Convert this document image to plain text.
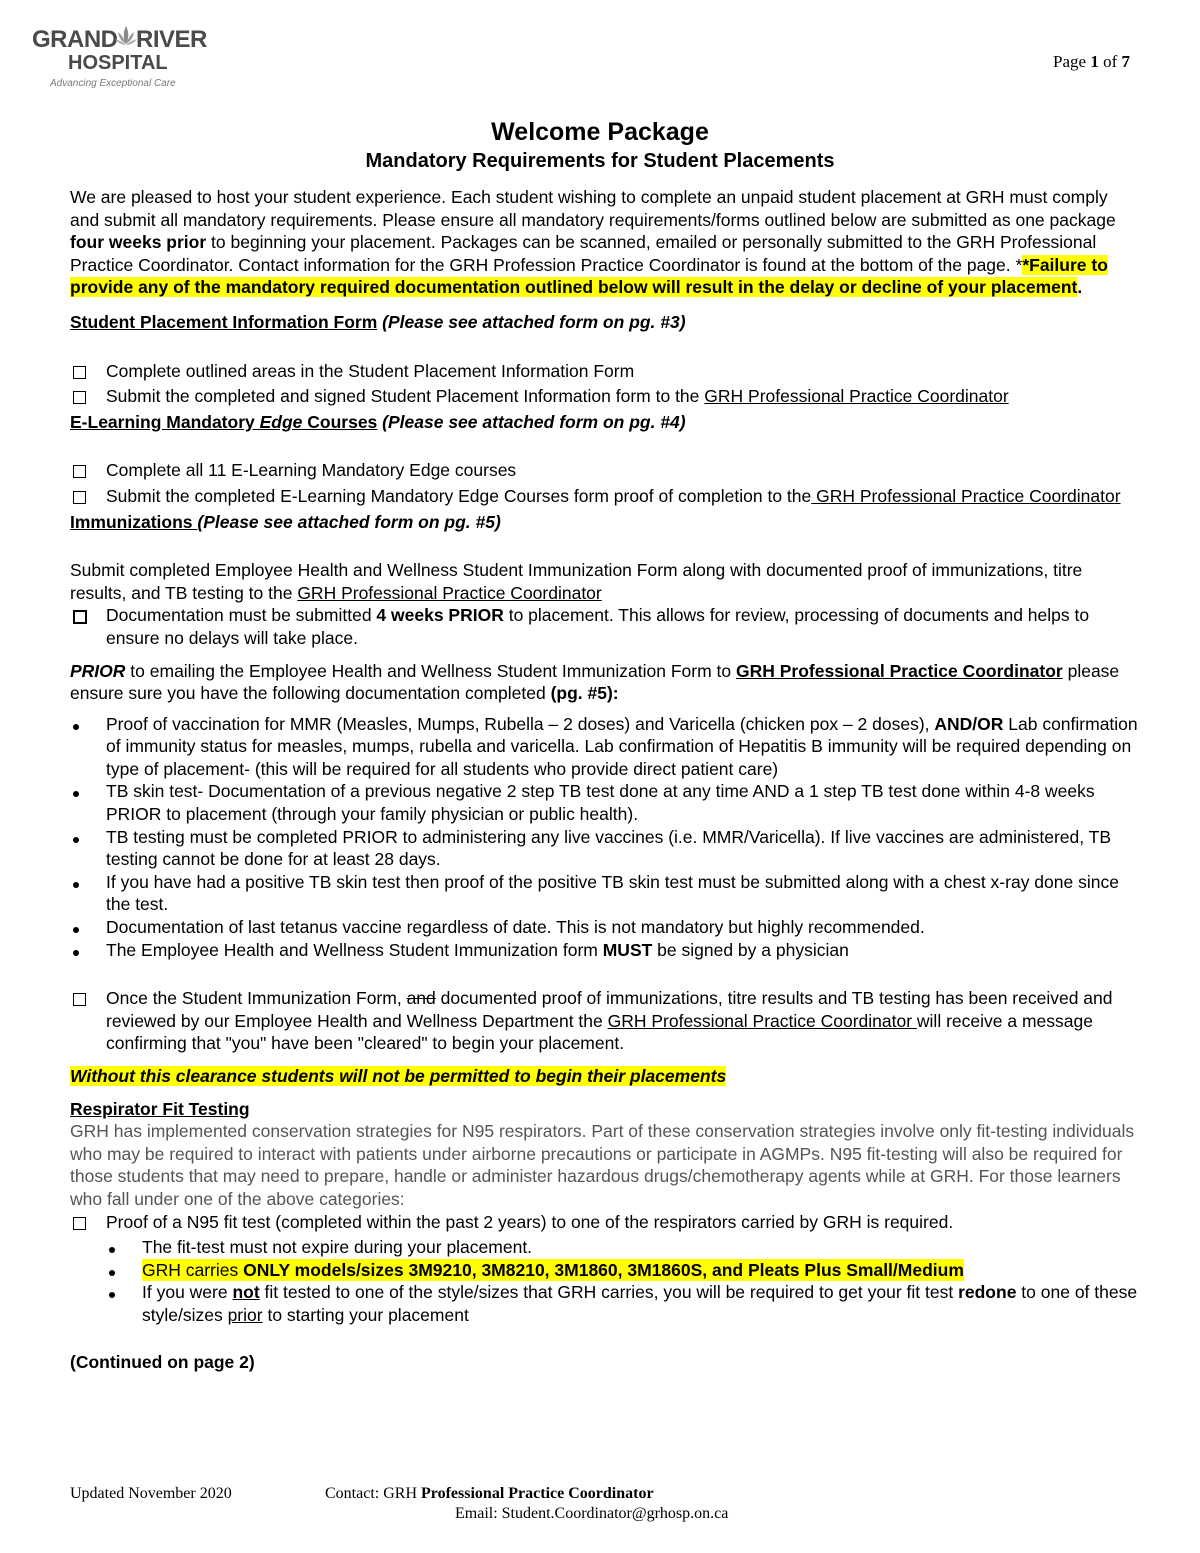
GRAND RIVER
HOSPITAL
Advancing Exceptional Care
Page 1 of 7
Welcome Package
Mandatory Requirements for Student Placements

We are pleased to host your student experience. Each student wishing to complete an unpaid student placement at GRH must comply and submit all mandatory requirements. Please ensure all mandatory requirements/forms outlined below are submitted as one package four weeks prior to beginning your placement. Packages can be scanned, emailed or personally submitted to the GRH Professional Practice Coordinator. Contact information for the GRH Profession Practice Coordinator is found at the bottom of the page. **Failure to provide any of the mandatory required documentation outlined below will result in the delay or decline of your placement.

Student Placement Information Form (Please see attached form on pg. #3)

Complete outlined areas in the Student Placement Information Form
Submit the completed and signed Student Placement Information form to the GRH Professional Practice Coordinator

E-Learning Mandatory Edge Courses (Please see attached form on pg. #4)

Complete all 11 E-Learning Mandatory Edge courses
Submit the completed E-Learning Mandatory Edge Courses form proof of completion to the GRH Professional Practice Coordinator

Immunizations (Please see attached form on pg. #5)

Submit completed Employee Health and Wellness Student Immunization Form along with documented proof of immunizations, titre results, and TB testing to the GRH Professional Practice Coordinator

Documentation must be submitted 4 weeks PRIOR to placement. This allows for review, processing of documents and helps to ensure no delays will take place.

PRIOR to emailing the Employee Health and Wellness Student Immunization Form to GRH Professional Practice Coordinator please ensure sure you have the following documentation completed (pg. #5):

Proof of vaccination for MMR (Measles, Mumps, Rubella – 2 doses) and Varicella (chicken pox – 2 doses), AND/OR Lab confirmation of immunity status for measles, mumps, rubella and varicella. Lab confirmation of Hepatitis B immunity will be required depending on type of placement- (this will be required for all students who provide direct patient care)
TB skin test- Documentation of a previous negative 2 step TB test done at any time AND a 1 step TB test done within 4-8 weeks PRIOR to placement (through your family physician or public health).
TB testing must be completed PRIOR to administering any live vaccines (i.e. MMR/Varicella). If live vaccines are administered, TB testing cannot be done for at least 28 days.
If you have had a positive TB skin test then proof of the positive TB skin test must be submitted along with a chest x-ray done since the test.
Documentation of last tetanus vaccine regardless of date. This is not mandatory but highly recommended.
The Employee Health and Wellness Student Immunization form MUST be signed by a physician
Once the Student Immunization Form, and documented proof of immunizations, titre results and TB testing has been received and reviewed by our Employee Health and Wellness Department the GRH Professional Practice Coordinator will receive a message confirming that "you" have been "cleared" to begin your placement.

Without this clearance students will not be permitted to begin their placements

Respirator Fit Testing

GRH has implemented conservation strategies for N95 respirators. Part of these conservation strategies involve only fit-testing individuals who may be required to interact with patients under airborne precautions or participate in AGMPs. N95 fit-testing will also be required for those students that may need to prepare, handle or administer hazardous drugs/chemotherapy agents while at GRH. For those learners who fall under one of the above categories:

Proof of a N95 fit test (completed within the past 2 years) to one of the respirators carried by GRH is required.
The fit-test must not expire during your placement.
GRH carries ONLY models/sizes 3M9210, 3M8210, 3M1860, 3M1860S, and Pleats Plus Small/Medium
If you were not fit tested to one of the style/sizes that GRH carries, you will be required to get your fit test redone to one of these style/sizes prior to starting your placement

(Continued on page 2)

Updated November 2020	Contact: GRH Professional Practice Coordinator
Email: Student.Coordinator@grhosp.on.ca
